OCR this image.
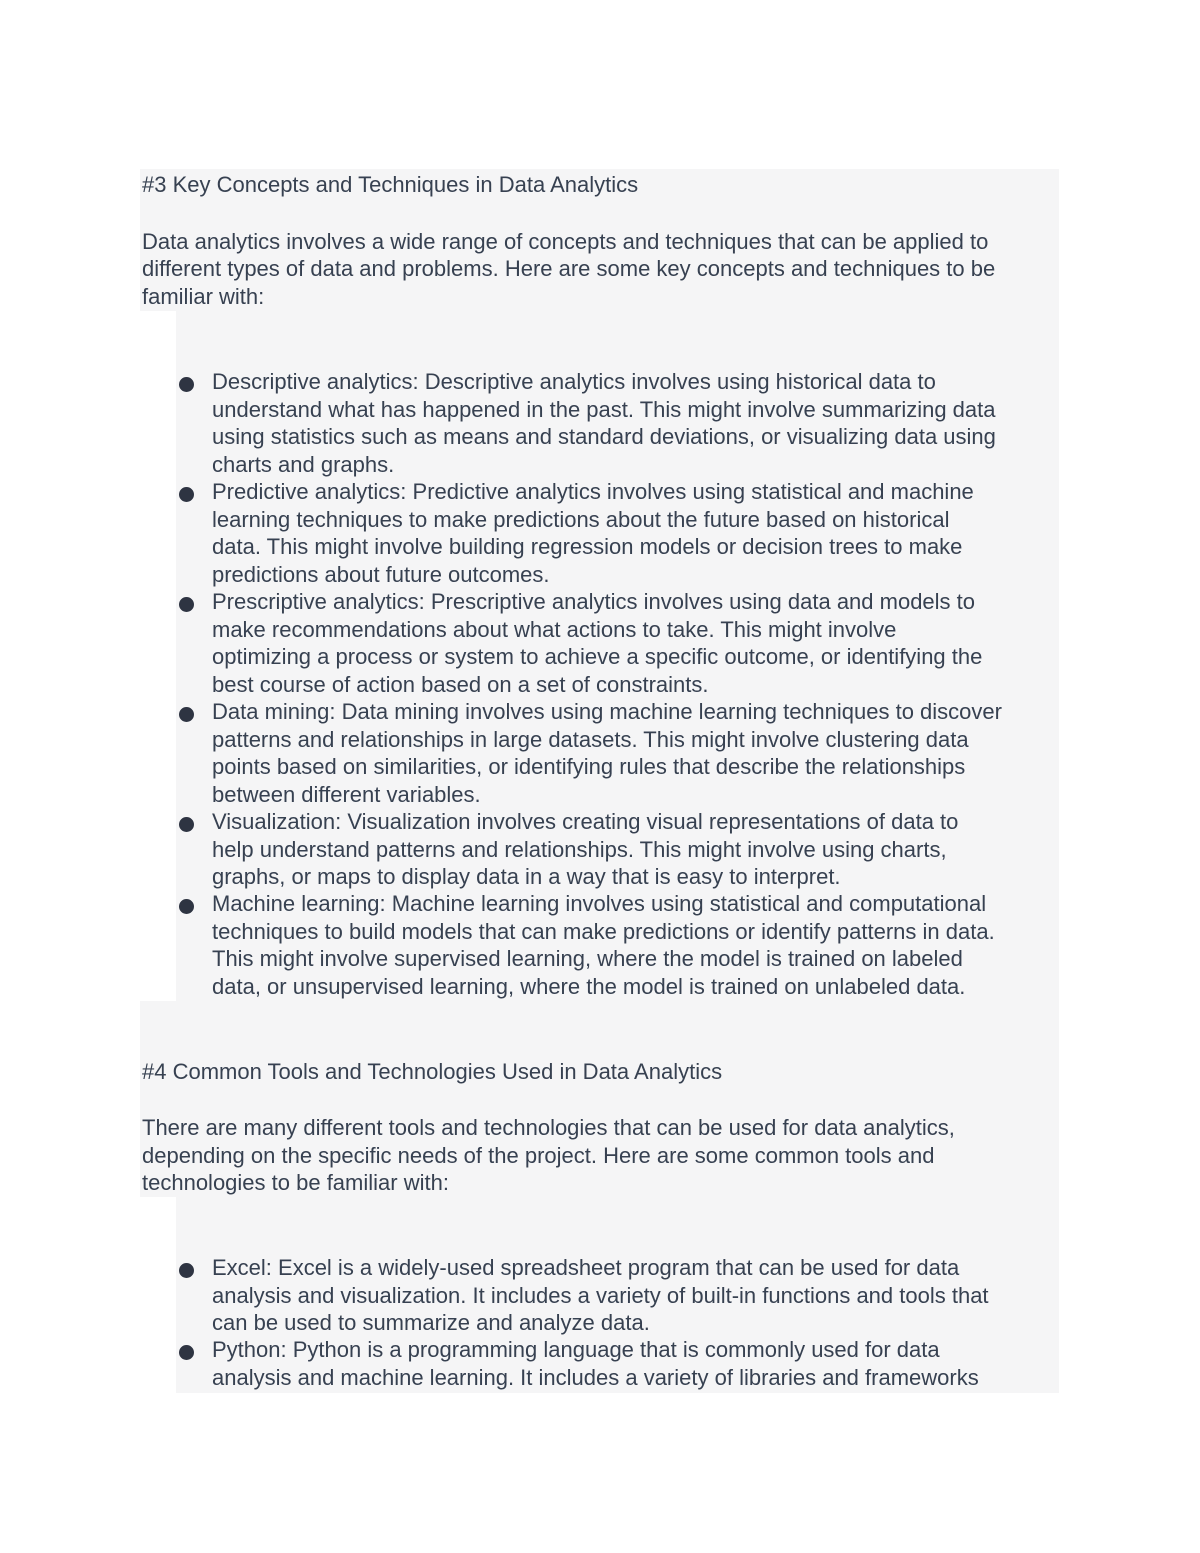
#3 Key Concepts and Techniques in Data Analytics

Data analytics involves a wide range of concepts and techniques that can be applied to

different types of data and problems. Here are some key concepts and techniques to be

familiar with:

Descriptive analytics: Descriptive analytics involves using historical data to
understand what has happened in the past. This might involve summarizing data
using statistics such as means and standard deviations, or visualizing data using
charts and graphs.
Predictive analytics: Predictive analytics involves using statistical and machine
learning techniques to make predictions about the future based on historical
data. This might involve building regression models or decision trees to make
predictions about future outcomes.
Prescriptive analytics: Prescriptive analytics involves using data and models to
make recommendations about what actions to take. This might involve
optimizing a process or system to achieve a specific outcome, or identifying the
best course of action based on a set of constraints.
Data mining: Data mining involves using machine learning techniques to discover
patterns and relationships in large datasets. This might involve clustering data
points based on similarities, or identifying rules that describe the relationships
between different variables.
Visualization: Visualization involves creating visual representations of data to
help understand patterns and relationships. This might involve using charts,
graphs, or maps to display data in a way that is easy to interpret.
Machine learning: Machine learning involves using statistical and computational
techniques to build models that can make predictions or identify patterns in data.
This might involve supervised learning, where the model is trained on labeled
data, or unsupervised learning, where the model is trained on unlabeled data.
#4 Common Tools and Technologies Used in Data Analytics

There are many different tools and technologies that can be used for data analytics,

depending on the specific needs of the project. Here are some common tools and

technologies to be familiar with:

Excel: Excel is a widely-used spreadsheet program that can be used for data
analysis and visualization. It includes a variety of built-in functions and tools that
can be used to summarize and analyze data.
Python: Python is a programming language that is commonly used for data
analysis and machine learning. It includes a variety of libraries and frameworks
